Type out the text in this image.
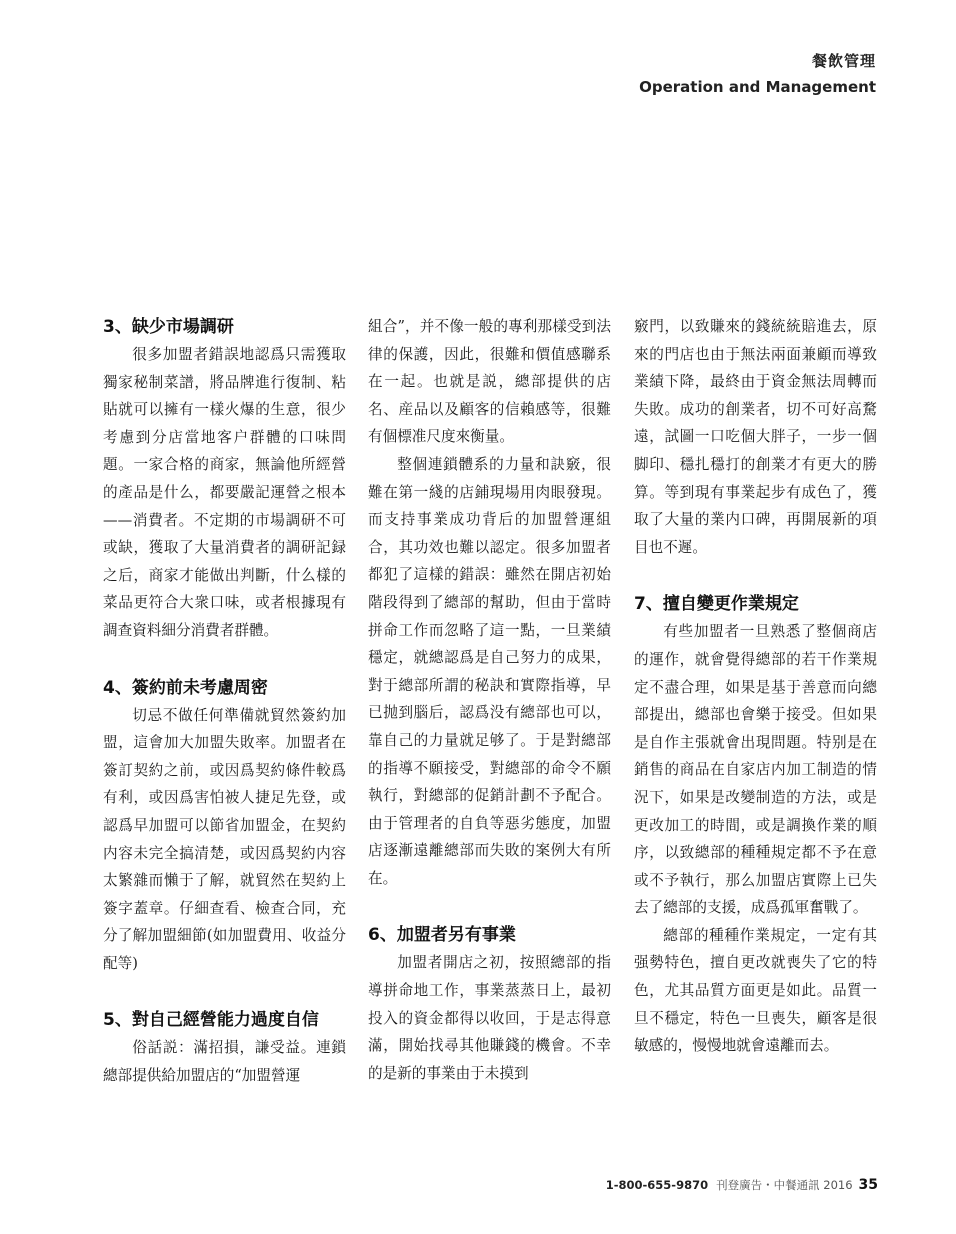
餐飲管理
Operation and Management
3、缺少市場調研

很多加盟者錯誤地認爲只需獲取獨家秘制菜譜，將品牌進行復制、粘貼就可以擁有一樣火爆的生意，很少考慮到分店當地客户群體的口味問題。一家合格的商家，無論他所經營的產品是什么，都要嚴記運營之根本——消費者。不定期的市場調研不可或缺，獲取了大量消費者的調研記録之后，商家才能做出判斷，什么樣的菜品更符合大衆口味，或者根據現有調查資料細分消費者群體。

4、簽約前未考慮周密

切忌不做任何準備就貿然簽約加盟，這會加大加盟失敗率。加盟者在簽訂契約之前，或因爲契約條件較爲有利，或因爲害怕被人捷足先登，或認爲早加盟可以節省加盟金，在契約内容未完全搞清楚，或因爲契約内容太繁雜而懶于了解，就貿然在契約上簽字蓋章。仔細查看、檢查合同，充分了解加盟細節(如加盟費用、收益分配等)

5、對自己經營能力過度自信

俗話説：滿招損，謙受益。連鎖總部提供給加盟店的“加盟營運

組合”，并不像一般的專利那樣受到法律的保護，因此，很難和價值感聯系在一起。也就是説，總部提供的店名、産品以及顧客的信賴感等，很難有個標准尺度來衡量。

整個連鎖體系的力量和訣竅，很難在第一綫的店鋪現場用肉眼發現。而支持事業成功背后的加盟營運組合，其功效也難以認定。很多加盟者都犯了這樣的錯誤：雖然在開店初始階段得到了總部的幫助，但由于當時拼命工作而忽略了這一點，一旦業績穩定，就總認爲是自己努力的成果，對于總部所謂的秘訣和實際指導，早已抛到腦后，認爲没有總部也可以，靠自己的力量就足够了。于是對總部的指導不願接受，對總部的命令不願執行，對總部的促銷計劃不予配合。由于管理者的自負等惡劣態度，加盟店逐漸遠離總部而失敗的案例大有所在。

6、加盟者另有事業

加盟者開店之初，按照總部的指導拼命地工作，事業蒸蒸日上，最初投入的資金都得以收回，于是志得意滿，開始找尋其他賺錢的機會。不幸的是新的事業由于未摸到

竅門，以致賺來的錢統統賠進去，原來的門店也由于無法兩面兼顧而導致業績下降，最終由于資金無法周轉而失敗。成功的創業者，切不可好高騖遠，試圖一口吃個大胖子，一步一個脚印、穩扎穩打的創業才有更大的勝算。等到現有事業起步有成色了，獲取了大量的業内口碑，再開展新的項目也不遲。

7、擅自變更作業規定

有些加盟者一旦熟悉了整個商店的運作，就會覺得總部的若干作業規定不盡合理，如果是基于善意而向總部提出，總部也會樂于接受。但如果是自作主張就會出現問題。特别是在銷售的商品在自家店内加工制造的情況下，如果是改變制造的方法，或是更改加工的時間，或是調換作業的順序，以致總部的種種規定都不予在意或不予執行，那么加盟店實際上已失去了總部的支援，成爲孤軍奮戰了。

總部的種種作業規定，一定有其强勢特色，擅自更改就喪失了它的特色，尤其品質方面更是如此。品質一旦不穩定，特色一旦喪失，顧客是很敏感的，慢慢地就會遠離而去。

1-800-655-9870 刊登廣告・中餐通訊 2016 35
